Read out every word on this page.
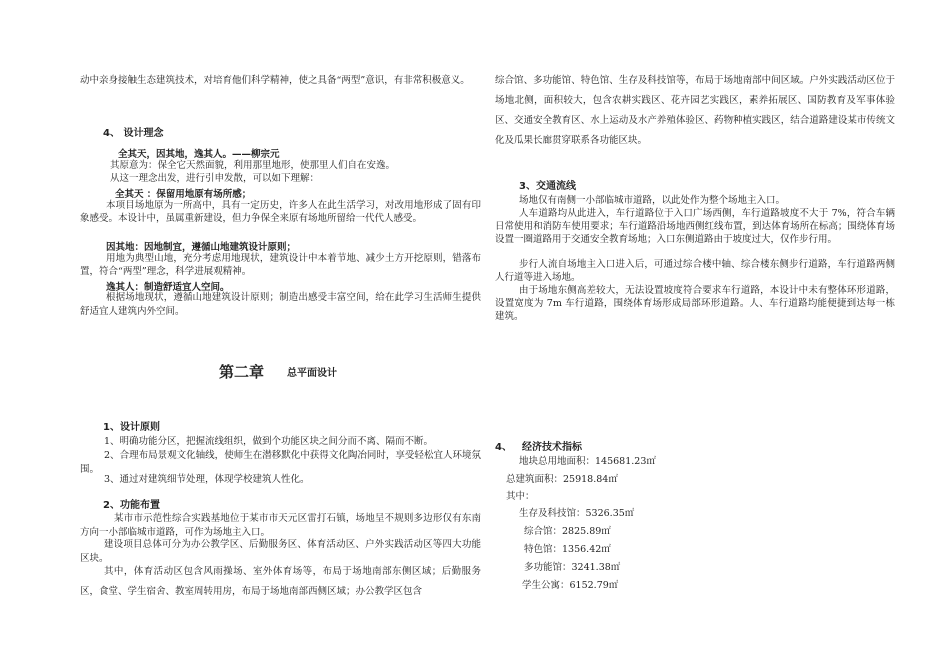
动中亲身接触生态建筑技术，对培育他们科学精神，使之具备“两型”意识，有非常积极意义。

4、 设计理念
全其天，因其地，逸其人。——柳宗元

其原意为：保全它天然面貌，利用那里地形，使那里人们自在安逸。

从这一理念出发，进行引申发散，可以如下理解：

全其天 ：保留用地原有场所感；

本项目场地原为一所高中，具有一定历史，许多人在此生活学习，对改用地形成了固有印象感受。本设计中，虽属重新建设，但力争保全来原有场地所留给一代代人感受。

因其地：因地制宜，遵循山地建筑设计原则；

用地为典型山地，充分考虑用地现状，建筑设计中本着节地、减少土方开挖原则，错落布置，符合“两型”理念，科学进展观精神。

逸其人：制造舒适宜人空间。

根据场地现状，遵循山地建筑设计原则；制造出感受丰富空间，给在此学习生活师生提供舒适宜人建筑内外空间。

第二章 总平面设计
1、设计原则

1、明确功能分区，把握流线组织，做到个功能区块之间分而不离、隔而不断。

2、合理布局景观文化轴线，使师生在潜移默化中获得文化陶冶同时，享受轻松宜人环境氛围。

3、通过对建筑细节处理，体现学校建筑人性化。

2、功能布置

某市市示范性综合实践基地位于某市市天元区雷打石镇，场地呈不规则多边形仅有东南方向一小部临城市道路，可作为场地主入口。

建设项目总体可分为办公教学区、后勤服务区、体育活动区、户外实践活动区等四大功能区块。

其中，体育活动区包含风雨操场、室外体育场等，布局于场地南部东侧区域；后勤服务区，食堂、学生宿舍、教室周转用房，布局于场地南部西侧区域；办公教学区包含

综合馆、多功能馆、特色馆、生存及科技馆等，布局于场地南部中间区域。户外实践活动区位于场地北侧，面积较大，包含农耕实践区、花卉园艺实践区，素养拓展区、国防教育及军事体验区、交通安全教育区、水上运动及水产养殖体验区、药物种植实践区，结合道路建设某市传统文化及瓜果长廊贯穿联系各功能区块。

3、交通流线

场地仅有南侧一小部临城市道路，以此处作为整个场地主入口。

人车道路均从此进入，车行道路位于入口广场西侧，车行道路坡度不大于 7%，符合车辆日常使用和消防车使用要求；车行道路沿场地西侧红线布置，到达体育场所在标高；围绕体育场设置一圈道路用于交通安全教育场地；入口东侧道路由于坡度过大，仅作步行用。

步行人流自场地主入口进入后，可通过综合楼中轴、综合楼东侧步行道路，车行道路两侧人行道等进入场地。

由于场地东侧高差较大，无法设置坡度符合要求车行道路，本设计中未有整体环形道路，设置宽度为 7m 车行道路，围绕体育场形成局部环形道路。人、车行道路均能便捷到达每一栋建筑。

4、 经济技术指标
地块总用地面积：145681.23㎡
总建筑面积：25918.84㎡
其中：
生存及科技馆：5326.35㎡
综合馆：2825.89㎡
特色馆：1356.42㎡
多功能馆：3241.38㎡
学生公寓：6152.79㎡
